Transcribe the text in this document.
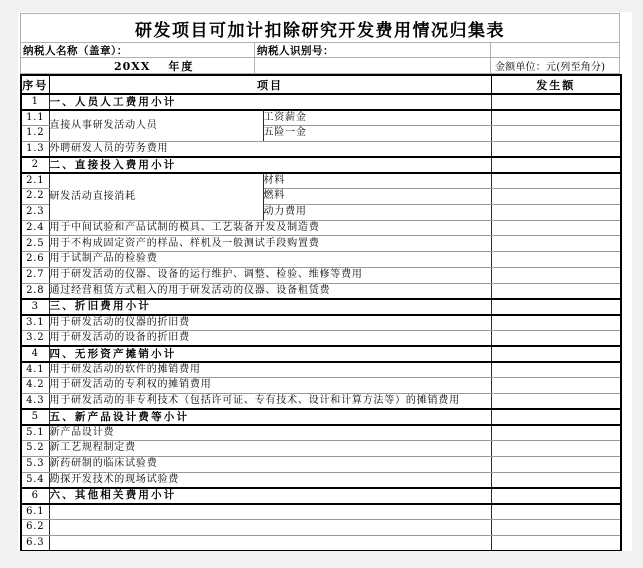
研发项目可加计扣除研究开发费用情况归集表
纳税人名称（盖章）：	纳税人识别号：
20XX 年度	金额单位：元(列至角分)
序号	项目		发生额
1	一、人员人工费用小计		
1.1	直接从事研发活动人员	工资薪金	
1.2		五险一金	
1.3	外聘研发人员的劳务费用		
2	二、直接投入费用小计		
2.1	研发活动直接消耗	材料	
2.2		燃料	
2.3		动力费用	
2.4	用于中间试验和产品试制的模具、工艺装备开发及制造费		
2.5	用于不构成固定资产的样品、样机及一般测试手段购置费		
2.6	用于试制产品的检验费		
2.7	用于研发活动的仪器、设备的运行维护、调整、检验、维修等费用		
2.8	通过经营租赁方式租入的用于研发活动的仪器、设备租赁费		
3	三、折旧费用小计		
3.1	用于研发活动的仪器的折旧费		
3.2	用于研发活动的设备的折旧费		
4	四、无形资产摊销小计		
4.1	用于研发活动的软件的摊销费用		
4.2	用于研发活动的专利权的摊销费用		
4.3	用于研发活动的非专利技术（包括许可证、专有技术、设计和计算方法等）的摊销费用		
5	五、新产品设计费等小计		
5.1	新产品设计费		
5.2	新工艺规程制定费		
5.3	新药研制的临床试验费		
5.4	勘探开发技术的现场试验费		
6	六、其他相关费用小计		
6.1			
6.2			
6.3			
